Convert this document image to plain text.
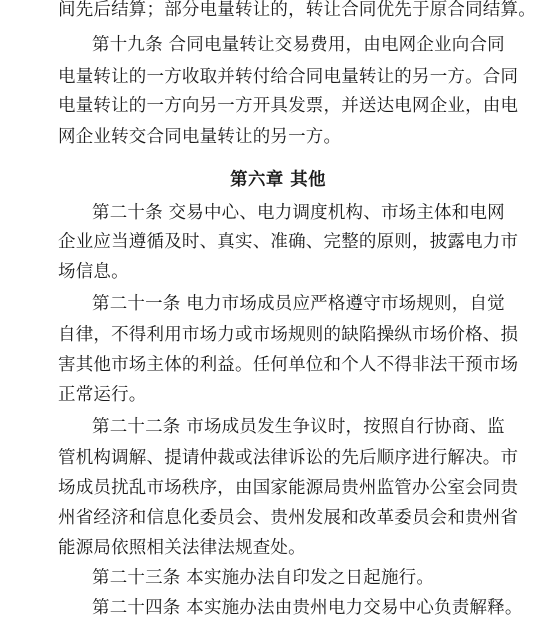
间先后结算；部分电量转让的，转让合同优先于原合同结算。
第十九条 合同电量转让交易费用，由电网企业向合同
电量转让的一方收取并转付给合同电量转让的另一方。合同
电量转让的一方向另一方开具发票，并送达电网企业，由电
网企业转交合同电量转让的另一方。
第六章 其他
第二十条 交易中心、电力调度机构、市场主体和电网
企业应当遵循及时、真实、准确、完整的原则，披露电力市
场信息。
第二十一条 电力市场成员应严格遵守市场规则，自觉
自律，不得利用市场力或市场规则的缺陷操纵市场价格、损
害其他市场主体的利益。任何单位和个人不得非法干预市场
正常运行。
第二十二条 市场成员发生争议时，按照自行协商、监
管机构调解、提请仲裁或法律诉讼的先后顺序进行解决。市
场成员扰乱市场秩序，由国家能源局贵州监管办公室会同贵
州省经济和信息化委员会、贵州发展和改革委员会和贵州省
能源局依照相关法律法规查处。
第二十三条 本实施办法自印发之日起施行。
第二十四条 本实施办法由贵州电力交易中心负责解释。
